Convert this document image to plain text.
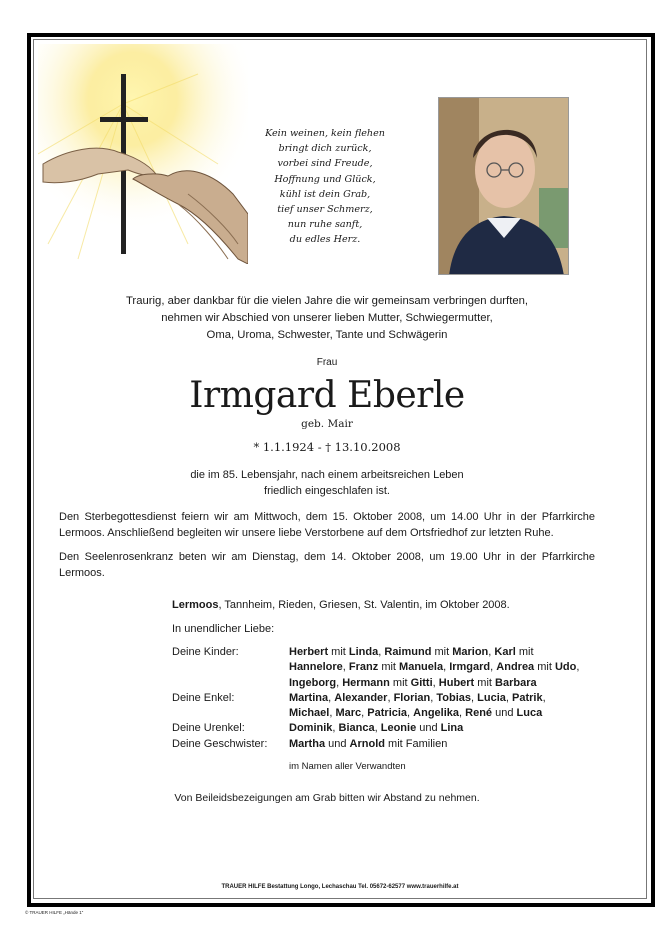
Kein weinen, kein flehen
bringt dich zurück,
vorbei sind Freude,
Hoffnung und Glück,
kühl ist dein Grab,
tief unser Schmerz,
nun ruhe sanft,
du edles Herz.
Traurig, aber dankbar für die vielen Jahre die wir gemeinsam verbringen durften,
nehmen wir Abschied von unserer lieben Mutter, Schwiegermutter,
Oma, Uroma, Schwester, Tante und Schwägerin
Frau
Irmgard Eberle
geb. Mair
* 1.1.1924 - † 13.10.2008
die im 85. Lebensjahr, nach einem arbeitsreichen Leben
friedlich eingeschlafen ist.
Den Sterbegottesdienst feiern wir am Mittwoch, dem 15. Oktober 2008, um 14.00 Uhr in der Pfarrkirche Lermoos. Anschließend begleiten wir unsere liebe Verstorbene auf dem Ortsfriedhof zur letzten Ruhe.
Den Seelenrosenkranz beten wir am Dienstag, dem 14. Oktober 2008, um 19.00 Uhr in der Pfarrkirche Lermoos.
Lermoos, Tannheim, Rieden, Griesen, St. Valentin, im Oktober 2008.
In unendlicher Liebe:
Deine Kinder:	Herbert mit Linda, Raimund mit Marion, Karl mit Hannelore, Franz mit Manuela, Irmgard, Andrea mit Udo, Ingeborg, Hermann mit Gitti, Hubert mit Barbara
Deine Enkel:	Martina, Alexander, Florian, Tobias, Lucia, Patrik, Michael, Marc, Patricia, Angelika, René und Luca
Deine Urenkel:	Dominik, Bianca, Leonie und Lina
Deine Geschwister:	Martha und Arnold mit Familien
im Namen aller Verwandten
Von Beileidsbezeigungen am Grab bitten wir Abstand zu nehmen.
TRAUER HILFE Bestattung Longo, Lechaschau Tel. 05672-62577 www.trauerhilfe.at
© TRAUER HILFE „Hände 1“
